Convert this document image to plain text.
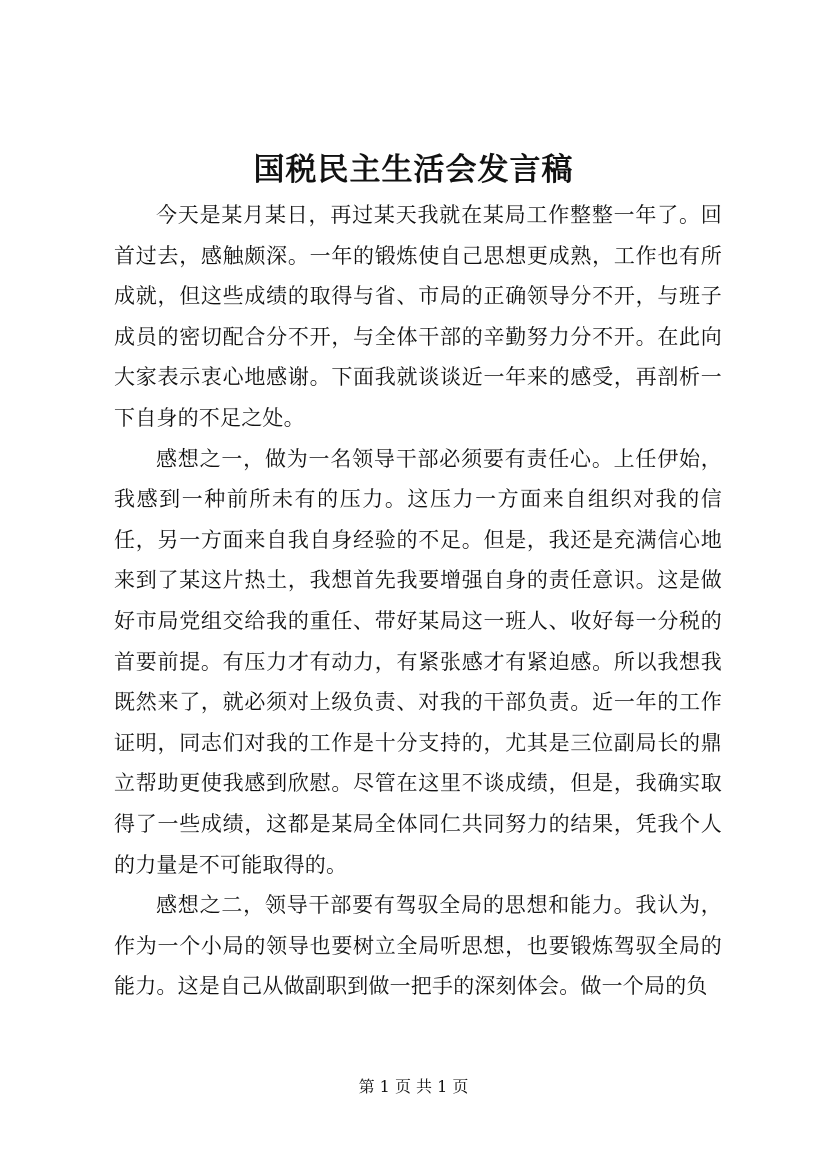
国税民主生活会发言稿

今天是某月某日，再过某天我就在某局工作整整一年了。回首过去，感触颇深。一年的锻炼使自己思想更成熟，工作也有所成就，但这些成绩的取得与省、市局的正确领导分不开，与班子成员的密切配合分不开，与全体干部的辛勤努力分不开。在此向大家表示衷心地感谢。下面我就谈谈近一年来的感受，再剖析一下自身的不足之处。

感想之一，做为一名领导干部必须要有责任心。上任伊始，我感到一种前所未有的压力。这压力一方面来自组织对我的信任，另一方面来自我自身经验的不足。但是，我还是充满信心地来到了某这片热土，我想首先我要增强自身的责任意识。这是做好市局党组交给我的重任、带好某局这一班人、收好每一分税的首要前提。有压力才有动力，有紧张感才有紧迫感。所以我想我既然来了，就必须对上级负责、对我的干部负责。近一年的工作证明，同志们对我的工作是十分支持的，尤其是三位副局长的鼎立帮助更使我感到欣慰。尽管在这里不谈成绩，但是，我确实取得了一些成绩，这都是某局全体同仁共同努力的结果，凭我个人的力量是不可能取得的。

感想之二，领导干部要有驾驭全局的思想和能力。我认为，作为一个小局的领导也要树立全局听思想，也要锻炼驾驭全局的能力。这是自己从做副职到做一把手的深刻体会。做一个局的负

第 1 页 共 1 页
